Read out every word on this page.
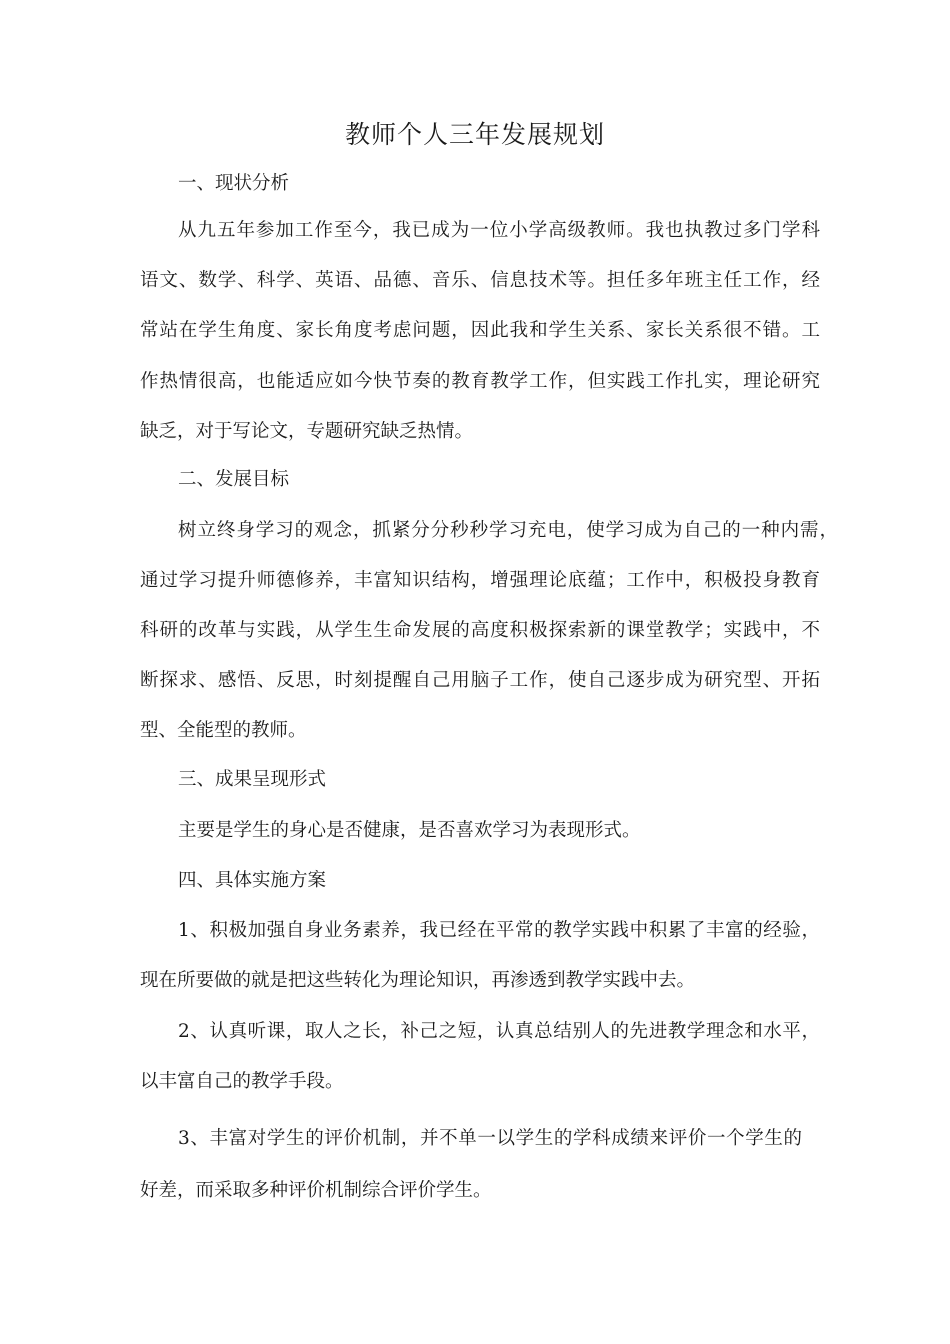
教师个人三年发展规划
一、现状分析
从九五年参加工作至今，我已成为一位小学高级教师。我也执教过多门学科
语文、数学、科学、英语、品德、音乐、信息技术等。担任多年班主任工作，经
常站在学生角度、家长角度考虑问题，因此我和学生关系、家长关系很不错。工
作热情很高，也能适应如今快节奏的教育教学工作，但实践工作扎实，理论研究
缺乏，对于写论文，专题研究缺乏热情。
二、发展目标
树立终身学习的观念，抓紧分分秒秒学习充电，使学习成为自己的一种内需，
通过学习提升师德修养，丰富知识结构，增强理论底蕴；工作中，积极投身教育
科研的改革与实践，从学生生命发展的高度积极探索新的课堂教学；实践中，不
断探求、感悟、反思，时刻提醒自己用脑子工作，使自己逐步成为研究型、开拓
型、全能型的教师。
三、成果呈现形式
主要是学生的身心是否健康，是否喜欢学习为表现形式。
四、具体实施方案
1、积极加强自身业务素养，我已经在平常的教学实践中积累了丰富的经验，
现在所要做的就是把这些转化为理论知识，再渗透到教学实践中去。
2、认真听课，取人之长，补己之短，认真总结别人的先进教学理念和水平，
以丰富自己的教学手段。
3、丰富对学生的评价机制，并不单一以学生的学科成绩来评价一个学生的
好差，而采取多种评价机制综合评价学生。
